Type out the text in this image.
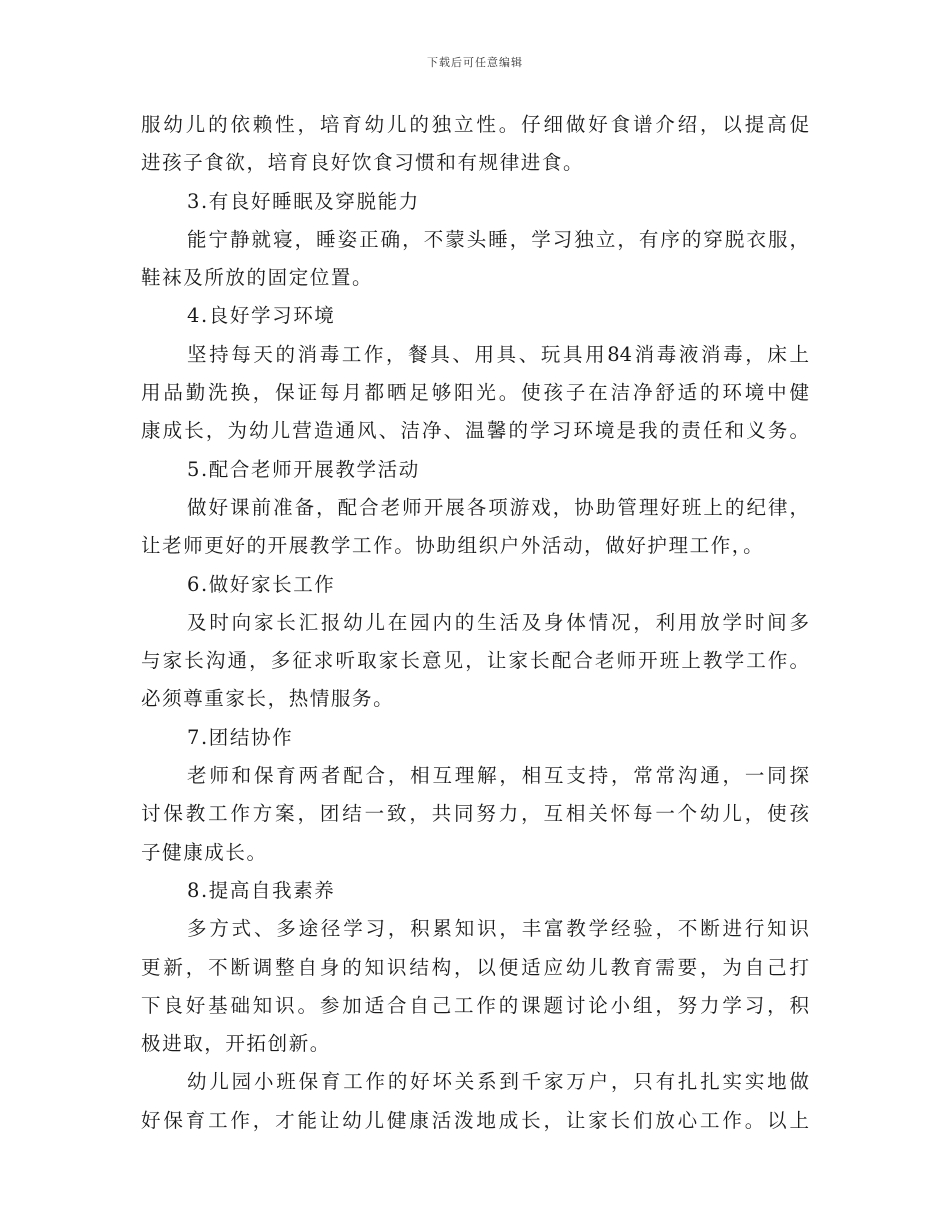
下载后可任意编辑
服幼儿的依赖性，培育幼儿的独立性。仔细做好食谱介绍，以提高促
进孩子食欲，培育良好饮食习惯和有规律进食。
3.有良好睡眠及穿脱能力
能宁静就寝，睡姿正确，不蒙头睡，学习独立，有序的穿脱衣服，
鞋袜及所放的固定位置。
4.良好学习环境
坚持每天的消毒工作，餐具、用具、玩具用84消毒液消毒，床上
用品勤洗换，保证每月都晒足够阳光。使孩子在洁净舒适的环境中健
康成长，为幼儿营造通风、洁净、温馨的学习环境是我的责任和义务。
5.配合老师开展教学活动
做好课前准备，配合老师开展各项游戏，协助管理好班上的纪律，
让老师更好的开展教学工作。协助组织户外活动，做好护理工作，。
6.做好家长工作
及时向家长汇报幼儿在园内的生活及身体情况，利用放学时间多
与家长沟通，多征求听取家长意见，让家长配合老师开班上教学工作。
必须尊重家长，热情服务。
7.团结协作
老师和保育两者配合，相互理解，相互支持，常常沟通，一同探
讨保教工作方案，团结一致，共同努力，互相关怀每一个幼儿，使孩
子健康成长。
8.提高自我素养
多方式、多途径学习，积累知识，丰富教学经验，不断进行知识
更新，不断调整自身的知识结构，以便适应幼儿教育需要，为自己打
下良好基础知识。参加适合自己工作的课题讨论小组，努力学习，积
极进取，开拓创新。
幼儿园小班保育工作的好坏关系到千家万户，只有扎扎实实地做
好保育工作，才能让幼儿健康活泼地成长，让家长们放心工作。以上
